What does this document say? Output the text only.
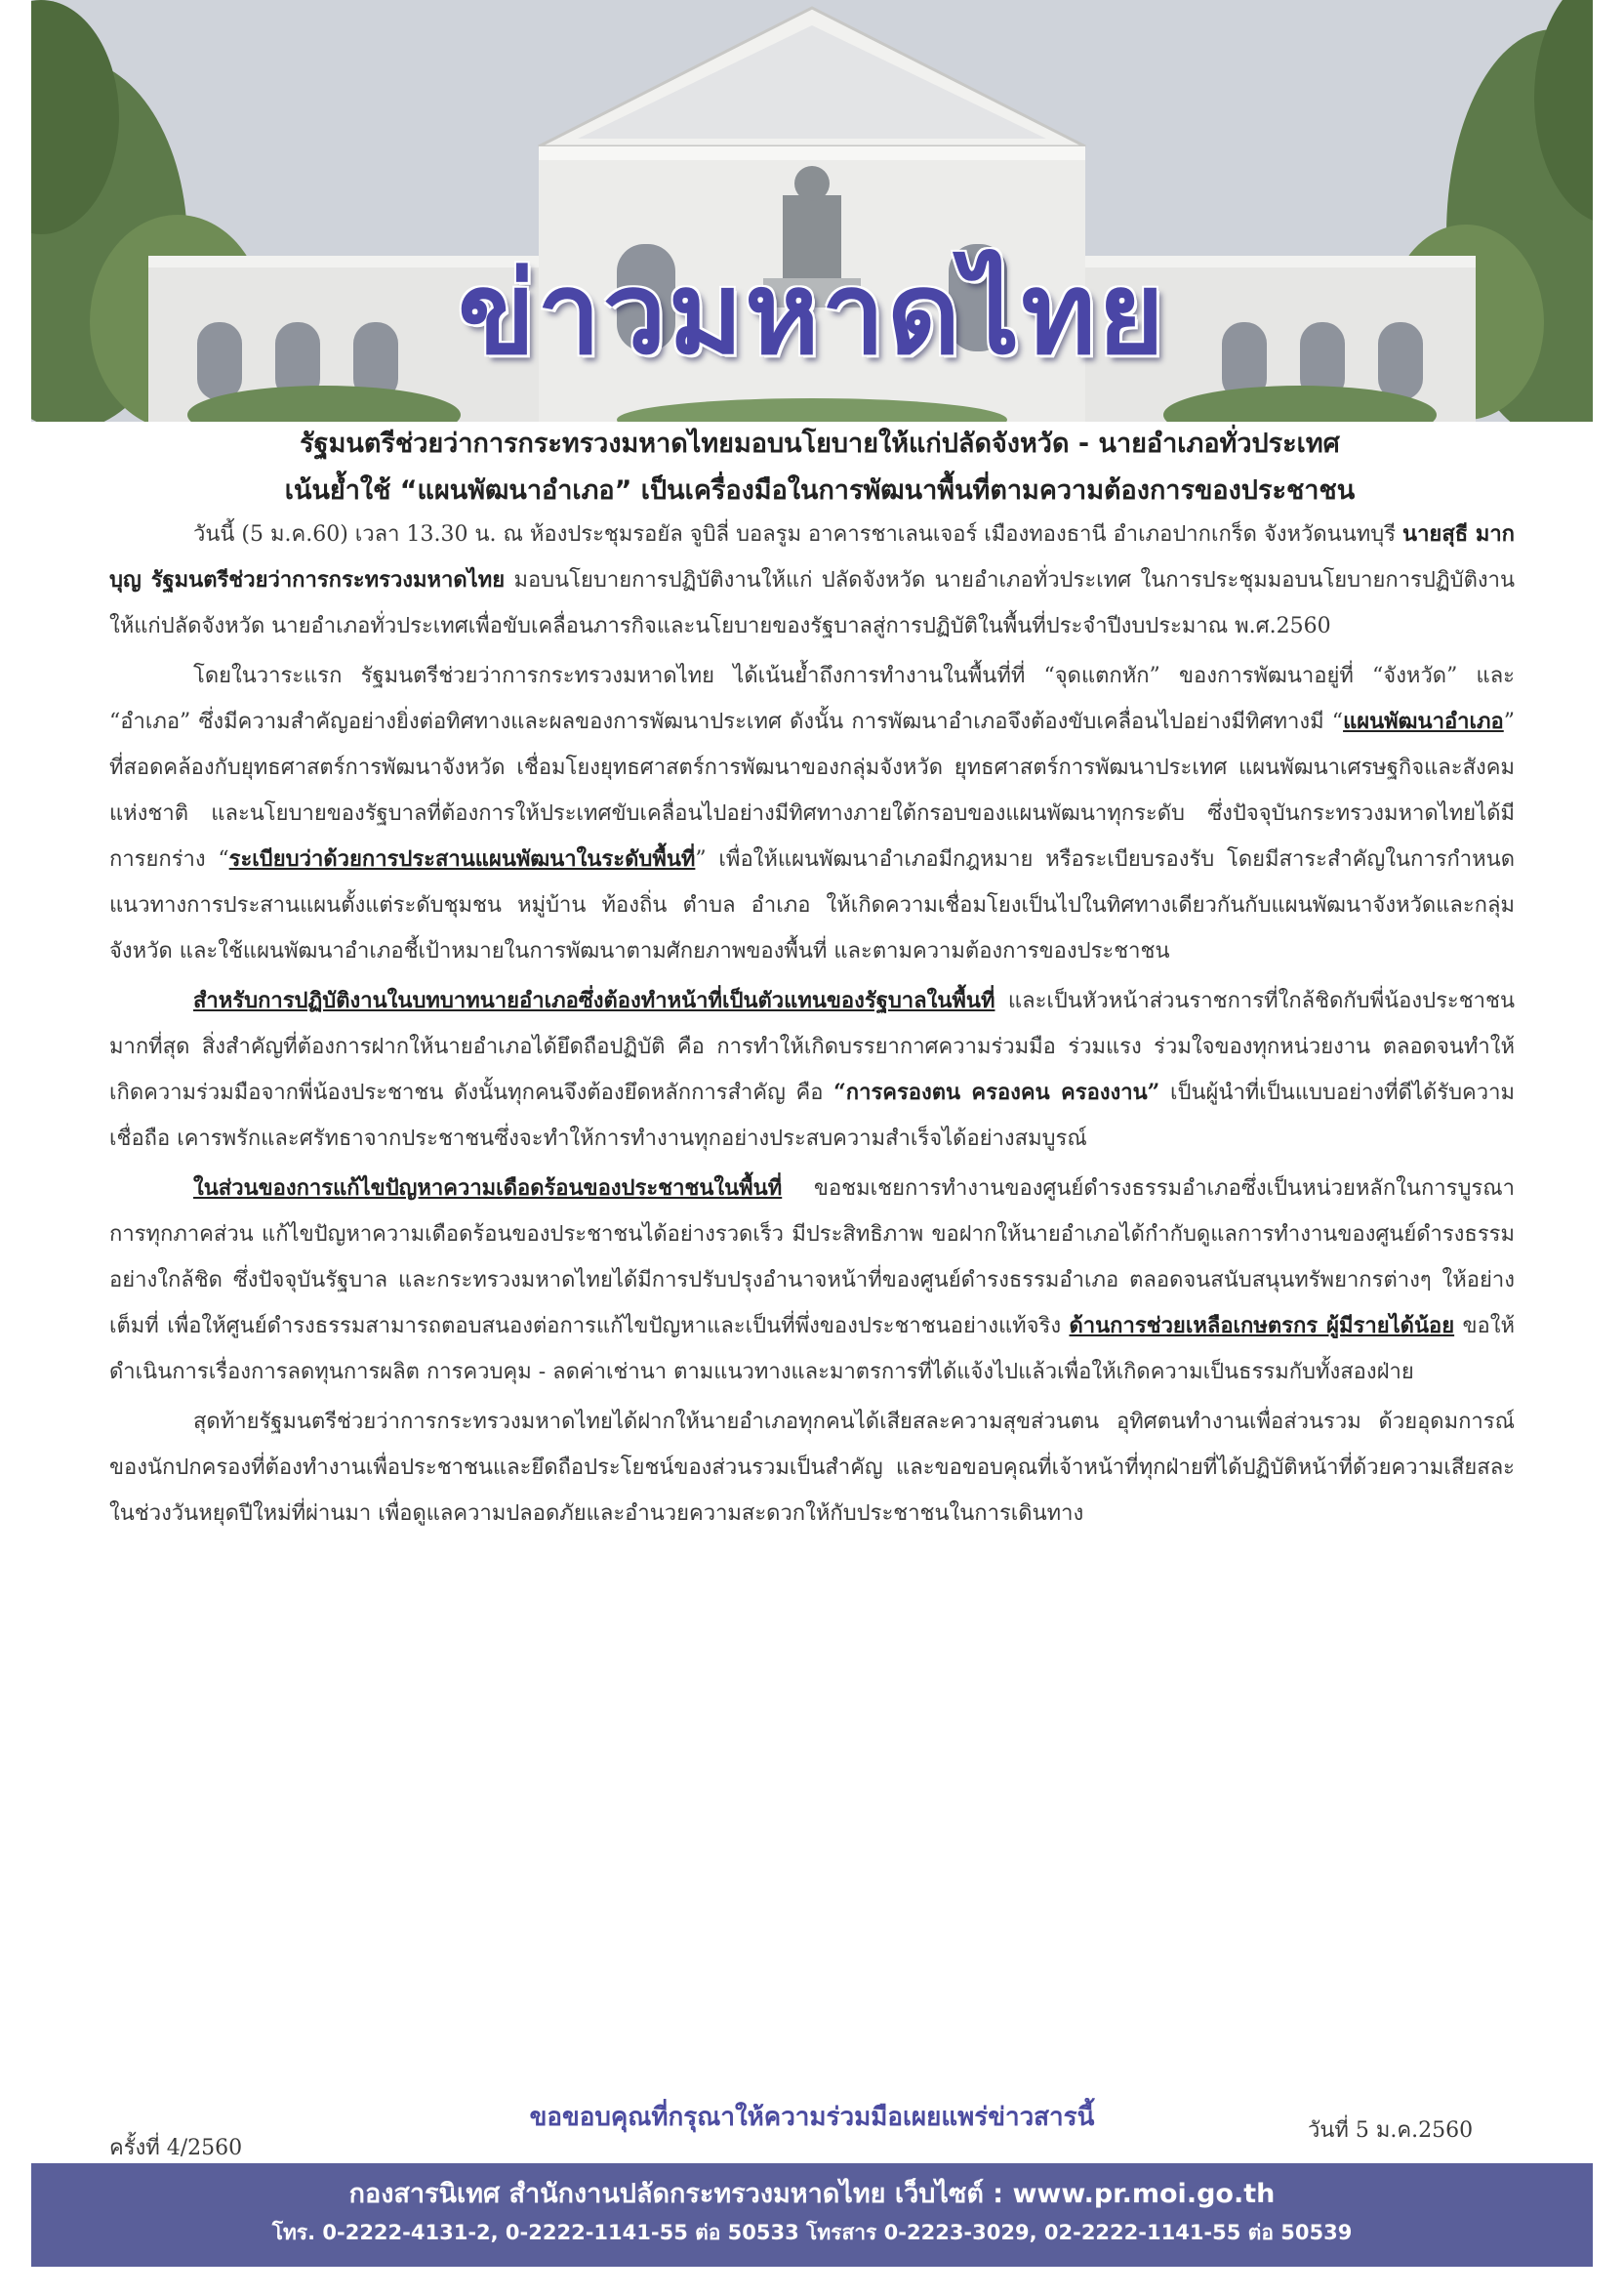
ข่าวมหาดไทย
รัฐมนตรีช่วยว่าการกระทรวงมหาดไทยมอบนโยบายให้แก่ปลัดจังหวัด - นายอำเภอทั่วประเทศ
เน้นย้ำใช้ “แผนพัฒนาอำเภอ” เป็นเครื่องมือในการพัฒนาพื้นที่ตามความต้องการของประชาชน

วันนี้ (5 ม.ค.60) เวลา 13.30 น. ณ ห้องประชุมรอยัล จูบิลี่ บอลรูม อาคารชาเลนเจอร์ เมืองทองธานี อำเภอปากเกร็ด จังหวัดนนทบุรี นายสุธี มากบุญ รัฐมนตรีช่วยว่าการกระทรวงมหาดไทย มอบนโยบายการปฏิบัติงานให้แก่ ปลัดจังหวัด นายอำเภอทั่วประเทศ ในการประชุมมอบนโยบายการปฏิบัติงานให้แก่ปลัดจังหวัด นายอำเภอทั่วประเทศเพื่อขับเคลื่อนภารกิจและนโยบายของรัฐบาลสู่การปฏิบัติในพื้นที่ประจำปีงบประมาณ พ.ศ.2560

โดยในวาระแรก รัฐมนตรีช่วยว่าการกระทรวงมหาดไทย ได้เน้นย้ำถึงการทำงานในพื้นที่ที่ “จุดแตกหัก” ของการพัฒนาอยู่ที่ “จังหวัด” และ “อำเภอ” ซึ่งมีความสำคัญอย่างยิ่งต่อทิศทางและผลของการพัฒนาประเทศ ดังนั้น การพัฒนาอำเภอจึงต้องขับเคลื่อนไปอย่างมีทิศทางมี “แผนพัฒนาอำเภอ” ที่สอดคล้องกับยุทธศาสตร์การพัฒนาจังหวัด เชื่อมโยงยุทธศาสตร์การพัฒนาของกลุ่มจังหวัด ยุทธศาสตร์การพัฒนาประเทศ แผนพัฒนาเศรษฐกิจและสังคมแห่งชาติ และนโยบายของรัฐบาลที่ต้องการให้ประเทศขับเคลื่อนไปอย่างมีทิศทางภายใต้กรอบของแผนพัฒนาทุกระดับ ซึ่งปัจจุบันกระทรวงมหาดไทยได้มีการยกร่าง “ระเบียบว่าด้วยการประสานแผนพัฒนาในระดับพื้นที่” เพื่อให้แผนพัฒนาอำเภอมีกฎหมาย หรือระเบียบรองรับ โดยมีสาระสำคัญในการกำหนดแนวทางการประสานแผนตั้งแต่ระดับชุมชน หมู่บ้าน ท้องถิ่น ตำบล อำเภอ ให้เกิดความเชื่อมโยงเป็นไปในทิศทางเดียวกันกับแผนพัฒนาจังหวัดและกลุ่มจังหวัด และใช้แผนพัฒนาอำเภอชี้เป้าหมายในการพัฒนาตามศักยภาพของพื้นที่ และตามความต้องการของประชาชน

สำหรับการปฏิบัติงานในบทบาทนายอำเภอซึ่งต้องทำหน้าที่เป็นตัวแทนของรัฐบาลในพื้นที่ และเป็นหัวหน้าส่วนราชการที่ใกล้ชิดกับพี่น้องประชาชนมากที่สุด สิ่งสำคัญที่ต้องการฝากให้นายอำเภอได้ยึดถือปฏิบัติ คือ การทำให้เกิดบรรยากาศความร่วมมือ ร่วมแรง ร่วมใจของทุกหน่วยงาน ตลอดจนทำให้เกิดความร่วมมือจากพี่น้องประชาชน ดังนั้นทุกคนจึงต้องยึดหลักการสำคัญ คือ “การครองตน ครองคน ครองงาน” เป็นผู้นำที่เป็นแบบอย่างที่ดีได้รับความเชื่อถือ เคารพรักและศรัทธาจากประชาชนซึ่งจะทำให้การทำงานทุกอย่างประสบความสำเร็จได้อย่างสมบูรณ์

ในส่วนของการแก้ไขปัญหาความเดือดร้อนของประชาชนในพื้นที่ ขอชมเชยการทำงานของศูนย์ดำรงธรรมอำเภอซึ่งเป็นหน่วยหลักในการบูรณาการทุกภาคส่วน แก้ไขปัญหาความเดือดร้อนของประชาชนได้อย่างรวดเร็ว มีประสิทธิภาพ ขอฝากให้นายอำเภอได้กำกับดูแลการทำงานของศูนย์ดำรงธรรมอย่างใกล้ชิด ซึ่งปัจจุบันรัฐบาล และกระทรวงมหาดไทยได้มีการปรับปรุงอำนาจหน้าที่ของศูนย์ดำรงธรรมอำเภอ ตลอดจนสนับสนุนทรัพยากรต่างๆ ให้อย่างเต็มที่ เพื่อให้ศูนย์ดำรงธรรมสามารถตอบสนองต่อการแก้ไขปัญหาและเป็นที่พึ่งของประชาชนอย่างแท้จริง ด้านการช่วยเหลือเกษตรกร ผู้มีรายได้น้อย ขอให้ดำเนินการเรื่องการลดทุนการผลิต การควบคุม - ลดค่าเช่านา ตามแนวทางและมาตรการที่ได้แจ้งไปแล้วเพื่อให้เกิดความเป็นธรรมกับทั้งสองฝ่าย

สุดท้ายรัฐมนตรีช่วยว่าการกระทรวงมหาดไทยได้ฝากให้นายอำเภอทุกคนได้เสียสละความสุขส่วนตน อุทิศตนทำงานเพื่อส่วนรวม ด้วยอุดมการณ์ของนักปกครองที่ต้องทำงานเพื่อประชาชนและยึดถือประโยชน์ของส่วนรวมเป็นสำคัญ และขอขอบคุณที่เจ้าหน้าที่ทุกฝ่ายที่ได้ปฏิบัติหน้าที่ด้วยความเสียสละในช่วงวันหยุดปีใหม่ที่ผ่านมา เพื่อดูแลความปลอดภัยและอำนวยความสะดวกให้กับประชาชนในการเดินทาง

ขอขอบคุณที่กรุณาให้ความร่วมมือเผยแพร่ข่าวสารนี้
ครั้งที่ 4/2560
วันที่ 5 ม.ค.2560
กองสารนิเทศ สำนักงานปลัดกระทรวงมหาดไทย เว็บไซต์ : www.pr.moi.go.th
โทร. 0-2222-4131-2, 0-2222-1141-55 ต่อ 50533 โทรสาร 0-2223-3029, 02-2222-1141-55 ต่อ 50539
